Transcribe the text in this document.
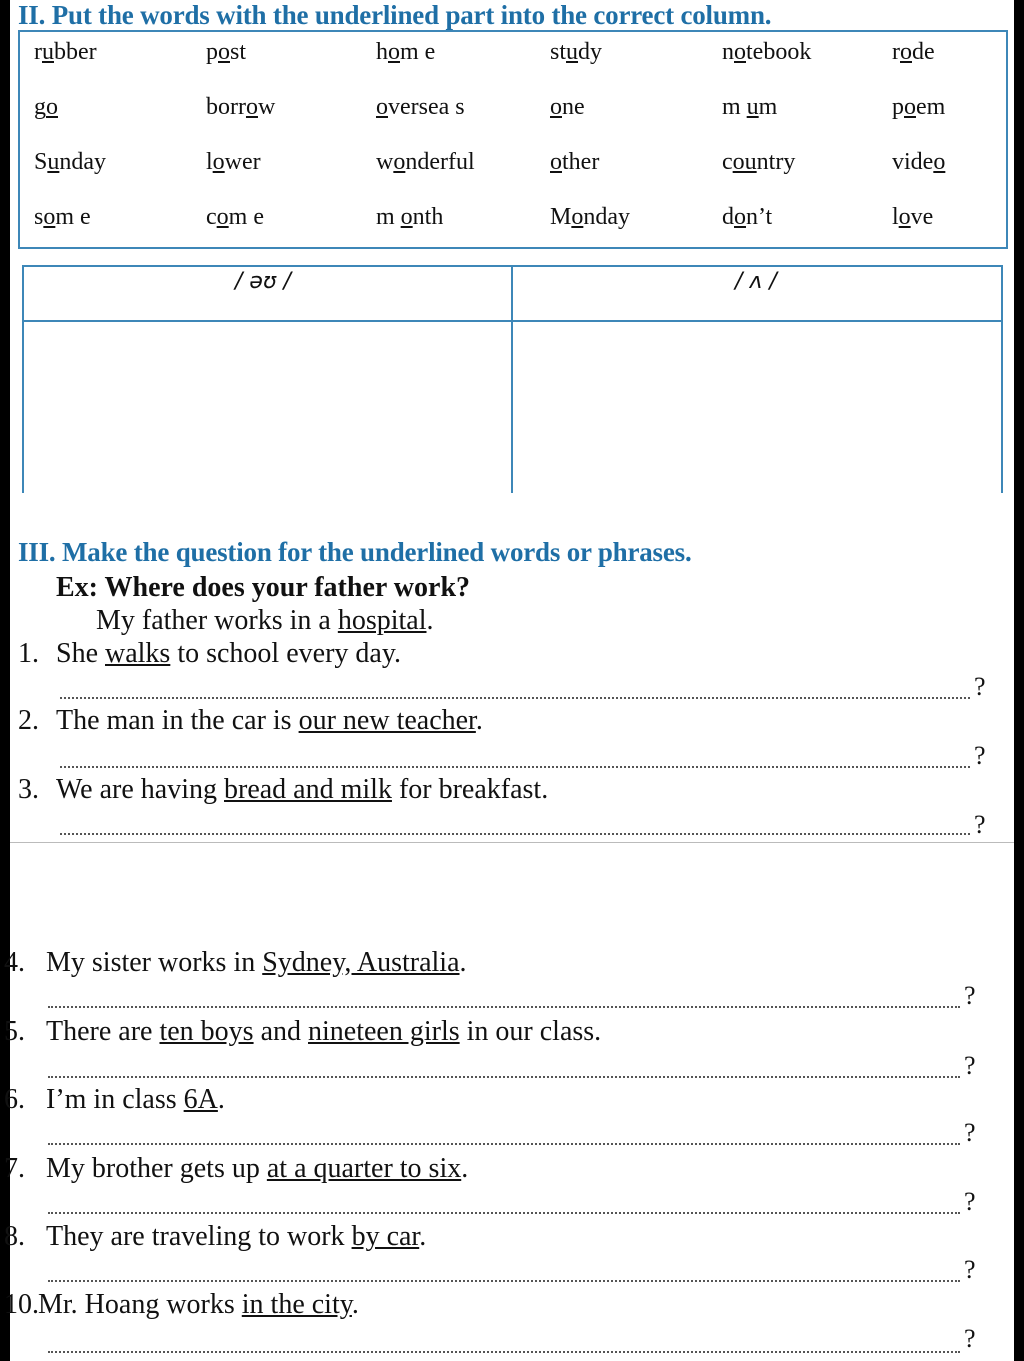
II. Put the words with the underlined part into the correct column.
rubber	post	hom e	study	notebook	rode
go	borrow	oversea s	one	m um	poem
Sunday	lower	wonderful	other	country	video
som e	com e	m onth	Monday	don’t	love
/ əʊ /	/ ʌ /
III. Make the question for the underlined words or phrases.
Ex: Where does your father work?
My father works in a hospital.
1. She walks to school every day.
?
2. The man in the car is our new teacher.
?
3. We are having bread and milk for breakfast.
?
4. My sister works in Sydney, Australia.
?
5. There are ten boys and nineteen girls in our class.
?
6. I’m in class 6A.
?
7. My brother gets up at a quarter to six.
?
8. They are traveling to work by car.
?
10. Mr. Hoang works in the city.
?
